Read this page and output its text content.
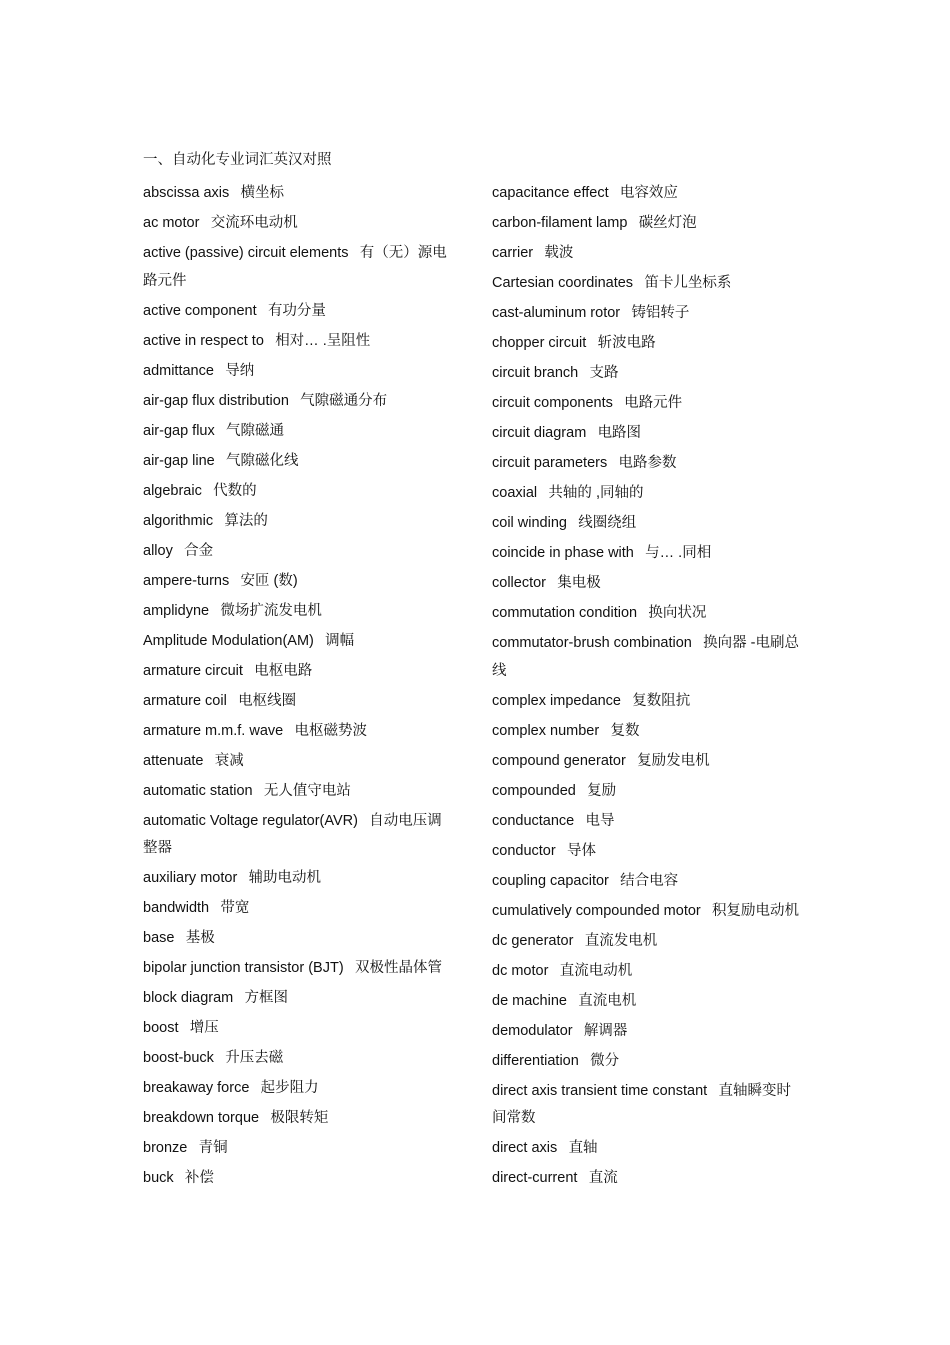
一、自动化专业词汇英汉对照
abscissa axis 横坐标
ac motor 交流环电动机
active (passive) circuit elements 有（无）源电路元件
active component 有功分量
active in respect to 相对… .呈阻性
admittance 导纳
air-gap flux distribution 气隙磁通分布
air-gap flux 气隙磁通
air-gap line 气隙磁化线
algebraic 代数的
algorithmic 算法的
alloy 合金
ampere-turns 安匝 (数)
amplidyne 微场扩流发电机
Amplitude Modulation(AM) 调幅
armature circuit 电枢电路
armature coil 电枢线圈
armature m.m.f. wave 电枢磁势波
attenuate 衰减
automatic station 无人值守电站
automatic Voltage regulator(AVR) 自动电压调整器
auxiliary motor 辅助电动机
bandwidth 带宽
base 基极
bipolar junction transistor (BJT) 双极性晶体管
block diagram 方框图
boost 增压
boost-buck 升压去磁
breakaway force 起步阻力
breakdown torque 极限转矩
bronze 青铜
buck 补偿
capacitance effect 电容效应
carbon-filament lamp 碳丝灯泡
carrier 载波
Cartesian coordinates 笛卡儿坐标系
cast-aluminum rotor 铸铝转子
chopper circuit 斩波电路
circuit branch 支路
circuit components 电路元件
circuit diagram 电路图
circuit parameters 电路参数
coaxial 共轴的 ,同轴的
coil winding 线圈绕组
coincide in phase with 与… .同相
collector 集电极
commutation condition 换向状况
commutator-brush combination 换向器 -电刷总线
complex impedance 复数阻抗
complex number 复数
compound generator 复励发电机
compounded 复励
conductance 电导
conductor 导体
coupling capacitor 结合电容
cumulatively compounded motor 积复励电动机
dc generator 直流发电机
dc motor 直流电动机
de machine 直流电机
demodulator 解调器
differentiation 微分
direct axis transient time constant 直轴瞬变时间常数
direct axis 直轴
direct-current 直流
